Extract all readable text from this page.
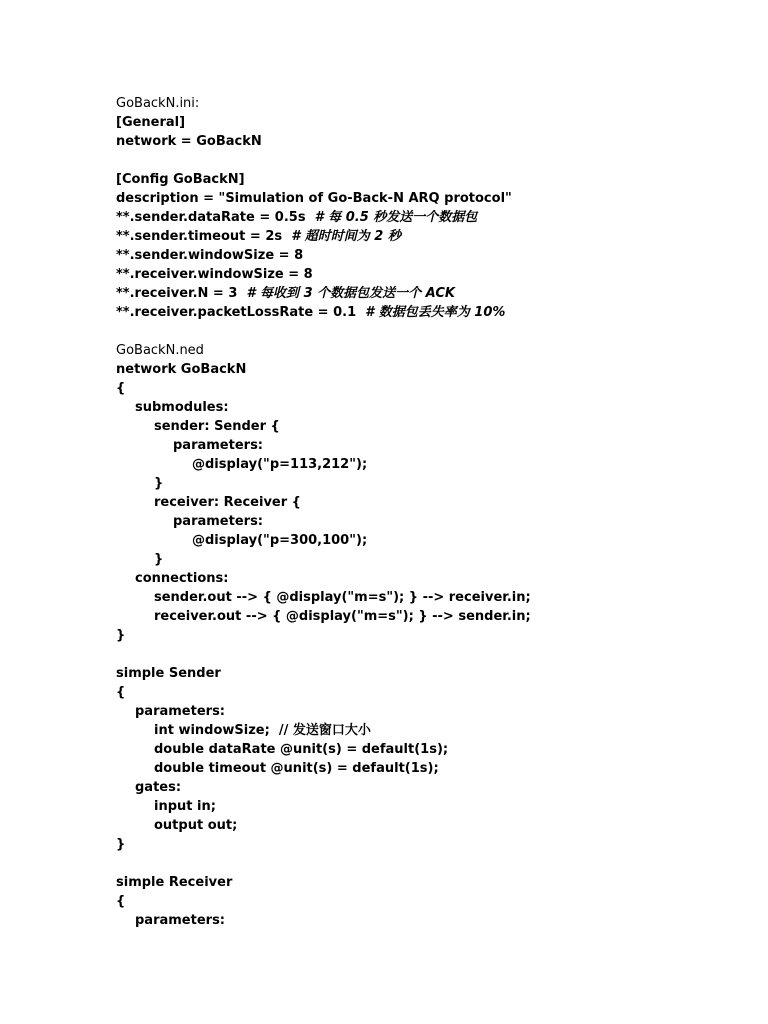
GoBackN.ini:
[General]
network = GoBackN
[Config GoBackN]
description = "Simulation of Go-Back-N ARQ protocol"
**.sender.dataRate = 0.5s  # 每 0.5 秒发送一个数据包
**.sender.timeout = 2s  # 超时时间为 2 秒
**.sender.windowSize = 8
**.receiver.windowSize = 8
**.receiver.N = 3  # 每收到 3 个数据包发送一个 ACK
**.receiver.packetLossRate = 0.1  # 数据包丢失率为 10%
GoBackN.ned
network GoBackN
{
submodules:
sender: Sender {
parameters:
@display("p=113,212");
}
receiver: Receiver {
parameters:
@display("p=300,100");
}
connections:
sender.out --> { @display("m=s"); } --> receiver.in;
receiver.out --> { @display("m=s"); } --> sender.in;
}
simple Sender
{
parameters:
int windowSize;  // 发送窗口大小
double dataRate @unit(s) = default(1s);
double timeout @unit(s) = default(1s);
gates:
input in;
output out;
}
simple Receiver
{
parameters:
